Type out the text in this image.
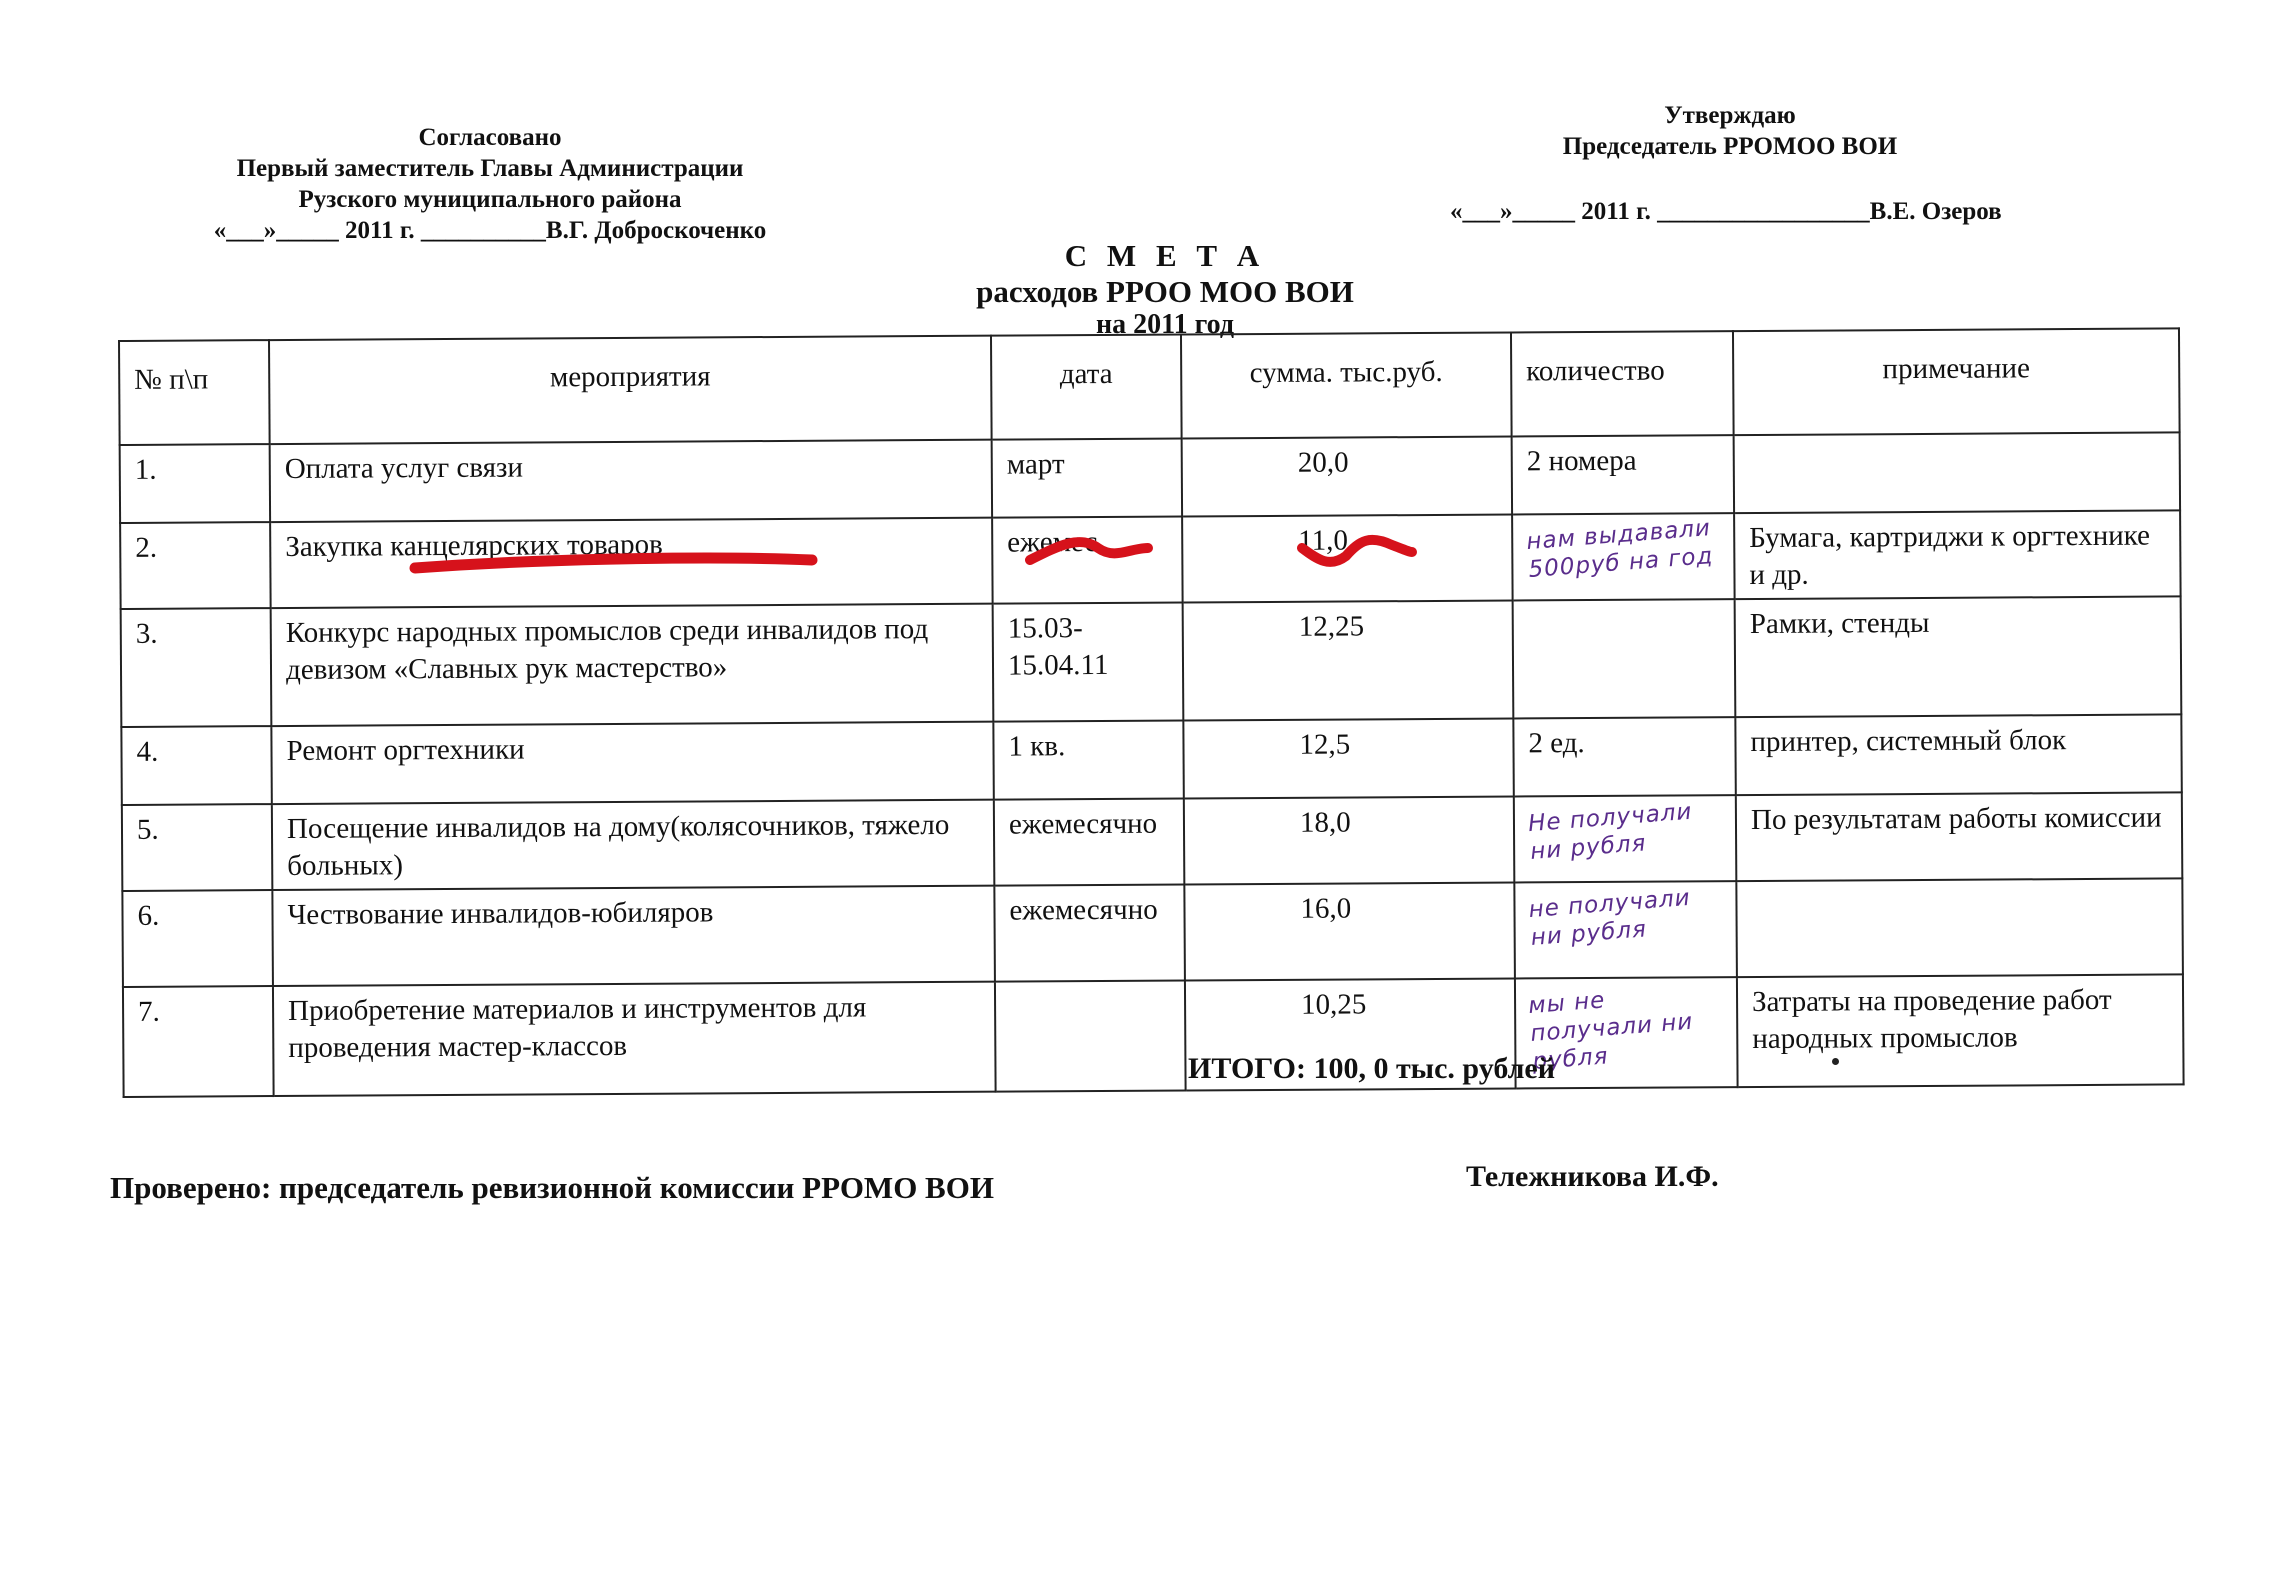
Согласовано
Первый заместитель Главы Администрации
Рузского муниципального района
«___»_____ 2011 г. __________В.Г. Доброскоченко
Утверждаю
Председатель РРОМОО ВОИ
«___»_____ 2011 г. _________________В.Е. Озеров
С М Е Т А
расходов РРОО МОО ВОИ
на 2011 год
№ п\п	мероприятия	дата	сумма. тыс.руб.	количество	примечание
1.	Оплата услуг связи	март	20,0	2 номера	
2.	Закупка канцелярских товаров	ежемес.	11,0	нам выдавали 500руб на год	Бумага, картриджи к оргтехнике и др.
3.	Конкурс народных промыслов среди инвалидов под девизом «Славных рук мастерство»	15.03-15.04.11	12,25		Рамки, стенды
4.	Ремонт оргтехники	1 кв.	12,5	2 ед.	принтер, системный блок
5.	Посещение инвалидов на дому(колясочников, тяжело больных)	ежемесячно	18,0	Не получали ни рубля	По результатам работы комиссии
6.	Чествование инвалидов-юбиляров	ежемесячно	16,0	не получали ни рубля	
7.	Приобретение материалов и инструментов для проведения мастер-классов		10,25	мы не получали ни рубля	Затраты на проведение работ народных промыслов
ИТОГО: 100, 0 тыс. рублей
Проверено: председатель ревизионной комиссии РРОМО ВОИ	Тележникова И.Ф.
